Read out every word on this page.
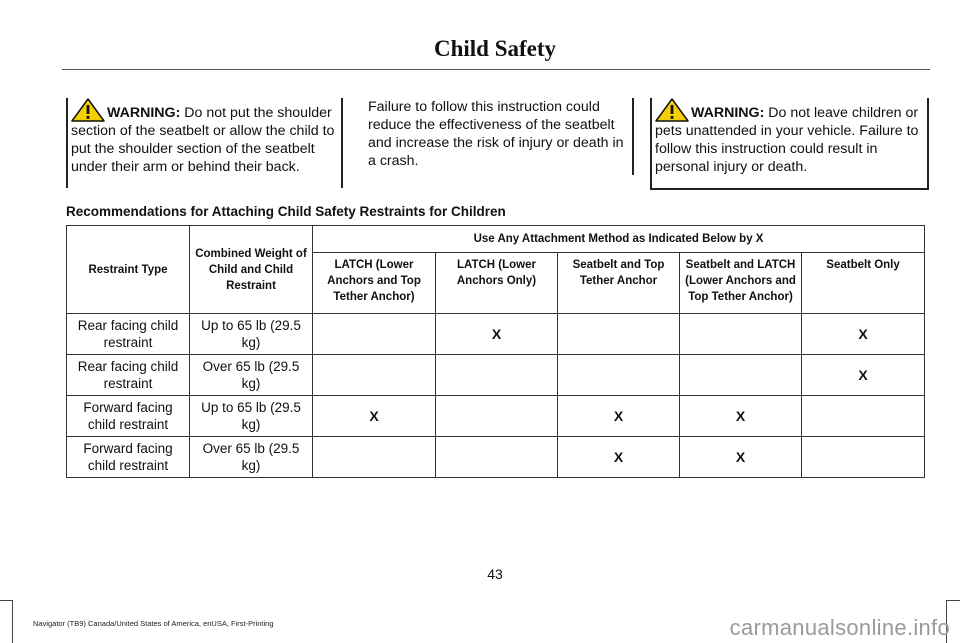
Child Safety
WARNING: Do not put the shoulder section of the seatbelt or allow the child to put the shoulder section of the seatbelt under their arm or behind their back.
Failure to follow this instruction could reduce the effectiveness of the seatbelt and increase the risk of injury or death in a crash.
WARNING: Do not leave children or pets unattended in your vehicle. Failure to follow this instruction could result in personal injury or death.
Recommendations for Attaching Child Safety Restraints for Children
Restraint Type	Combined Weight of Child and Child Restraint	Use Any Attachment Method as Indicated Below by X				
		LATCH (Lower Anchors and Top Tether Anchor)	LATCH (Lower Anchors Only)	Seatbelt and Top Tether Anchor	Seatbelt and LATCH (Lower Anchors and Top Tether Anchor)	Seatbelt Only
Rear facing child restraint	Up to 65 lb (29.5 kg)		X			X
Rear facing child restraint	Over 65 lb (29.5 kg)					X
Forward facing child restraint	Up to 65 lb (29.5 kg)	X		X	X	
Forward facing child restraint	Over 65 lb (29.5 kg)			X	X	
43
Navigator (TB9) Canada/United States of America, enUSA, First-Printing	carmanualsonline.info
